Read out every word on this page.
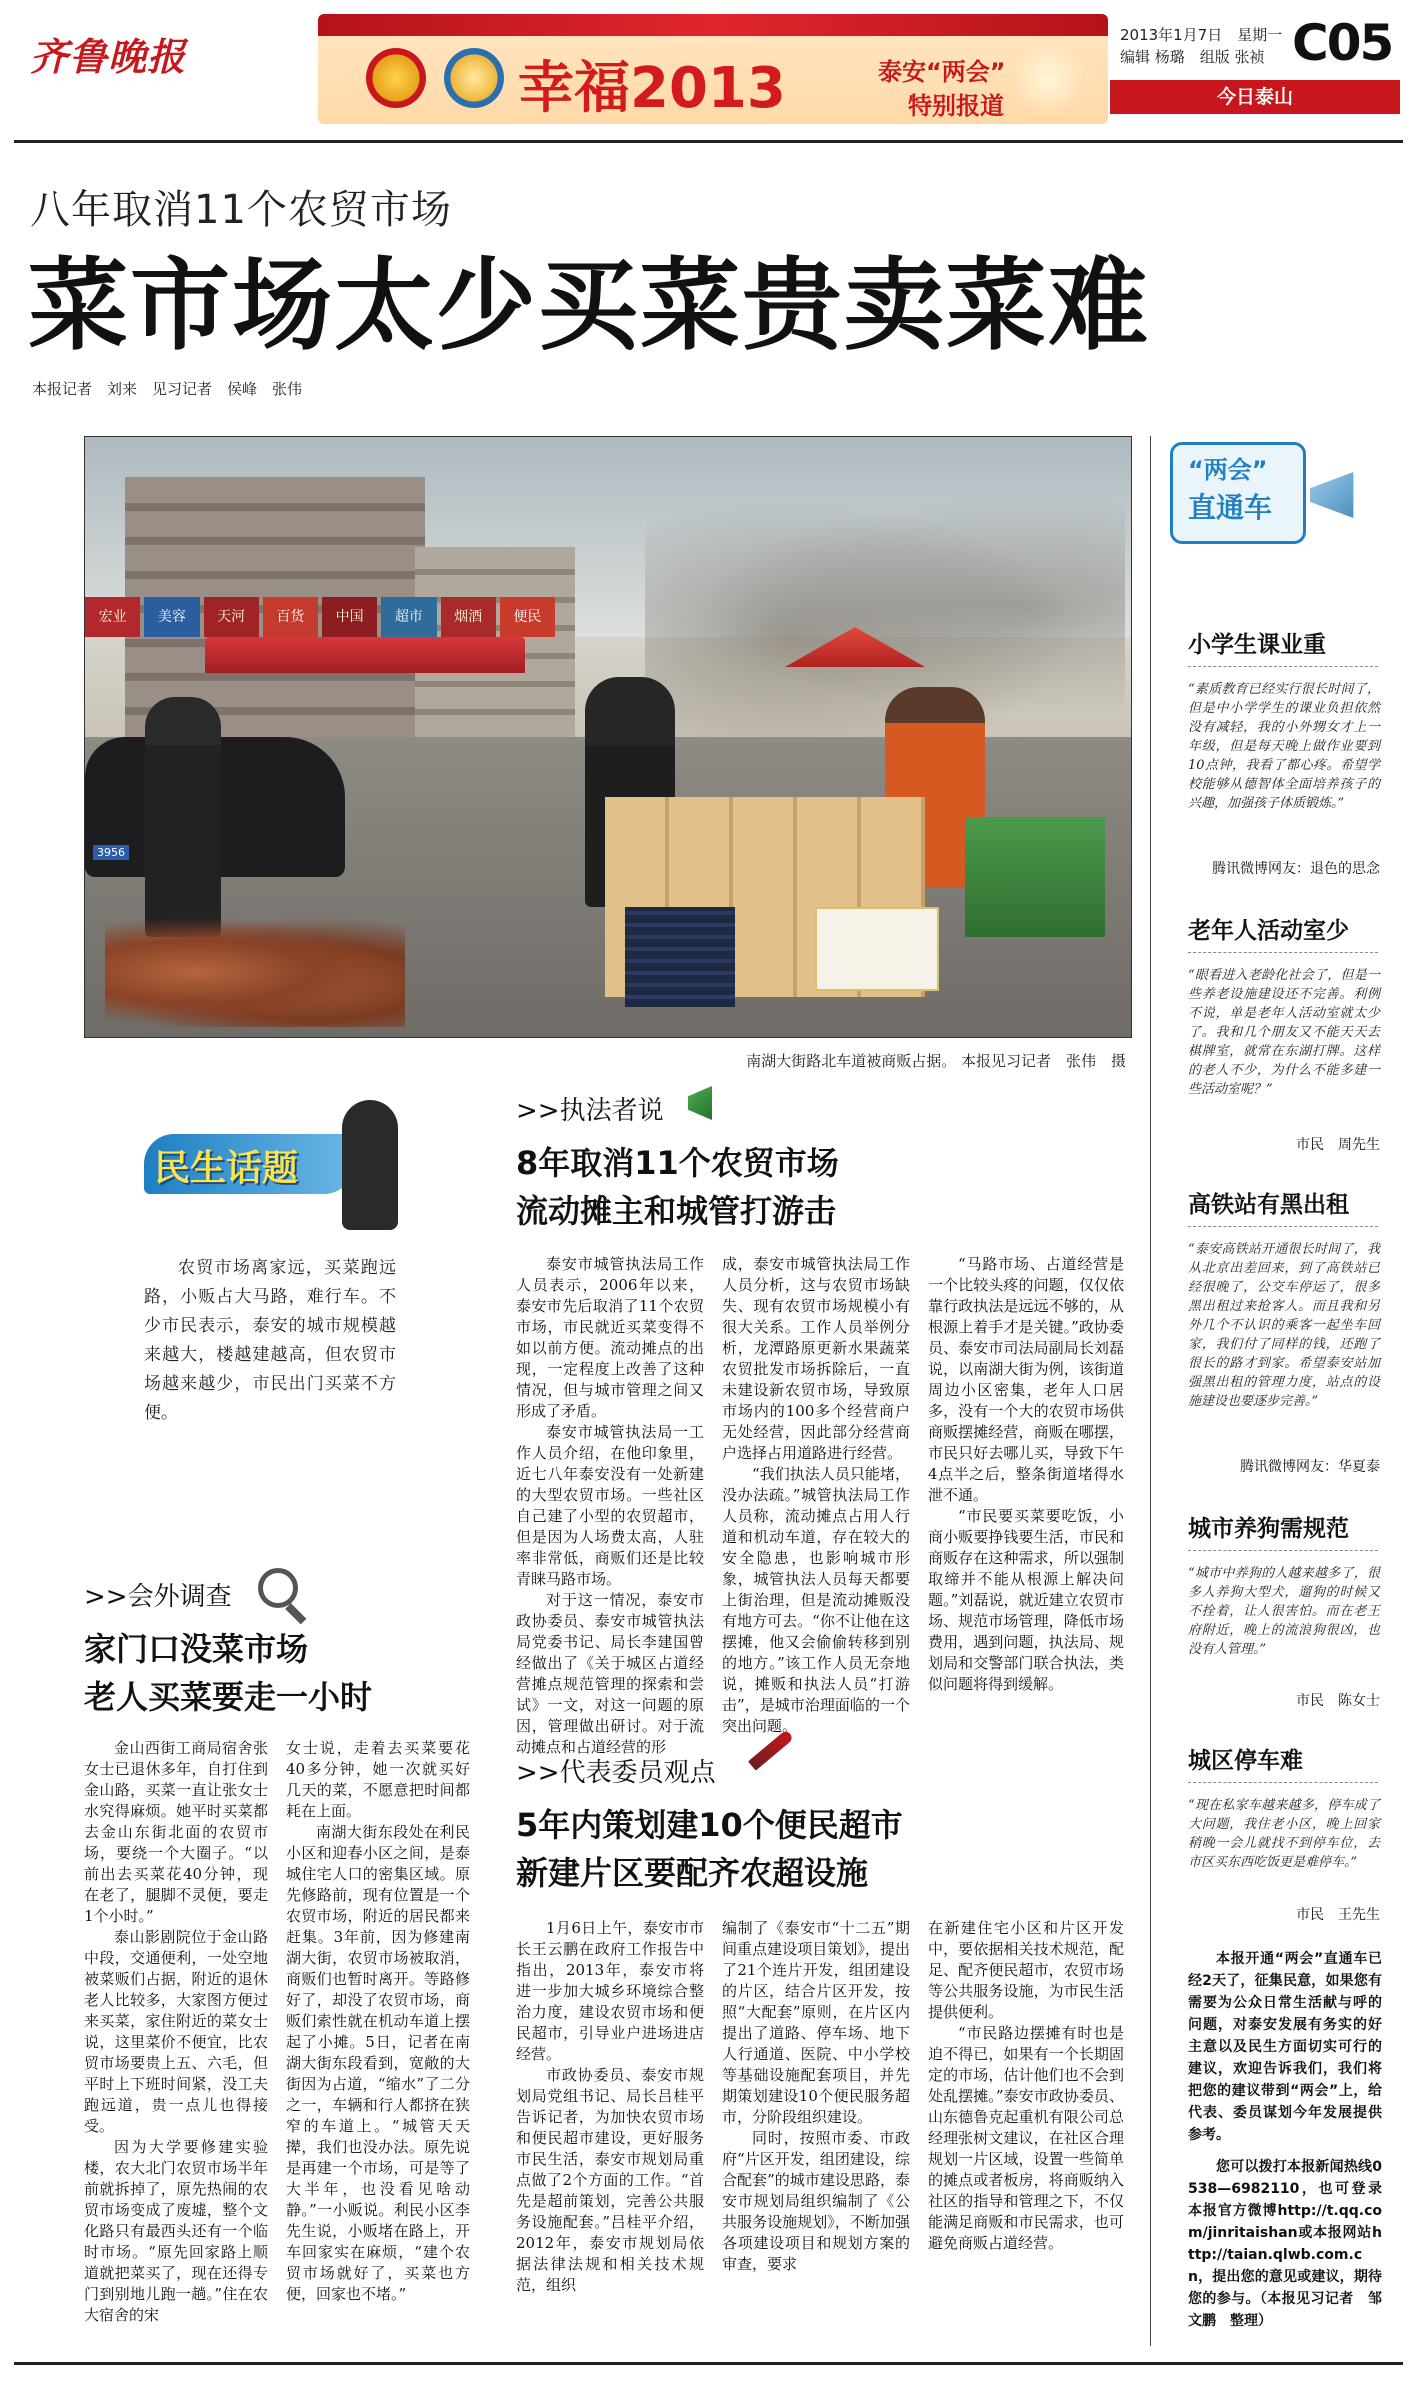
齐鲁晚报	幸福2013	泰安“两会”
特别报道
2013年1月7日　星期一
编辑 杨璐　组版 张祯 C05
今日泰山
八年取消11个农贸市场
菜市场太少买菜贵卖菜难
本报记者　刘来　见习记者　侯峰　张伟
宏业	美容	天河	百货	中国	超市	烟酒	便民
3956
南湖大街路北车道被商贩占据。 本报见习记者　张伟　摄
民生话题
农贸市场离家远，买菜跑远路，小贩占大马路，难行车。不少市民表示，泰安的城市规模越来越大，楼越建越高，但农贸市场越来越少，市民出门买菜不方便。
>>会外调查
家门口没菜市场
老人买菜要走一小时

金山西街工商局宿舍张女士已退休多年，自打住到金山路，买菜一直让张女士水究得麻烦。她平时买菜都去金山东街北面的农贸市场，要绕一个大圈子。“以前出去买菜花40分钟，现在老了，腿脚不灵便，要走1个小时。”

泰山影剧院位于金山路中段，交通便利，一处空地被菜贩们占据，附近的退休老人比较多，大家图方便过来买菜，家住附近的菜女士说，这里菜价不便宜，比农贸市场要贵上五、六毛，但平时上下班时间紧，没工夫跑远道，贵一点儿也得接受。

因为大学要修建实验楼，农大北门农贸市场半年前就拆掉了，原先热闹的农贸市场变成了废墟，整个文化路只有最西头还有一个临时市场。“原先回家路上顺道就把菜买了，现在还得专门到别地儿跑一趟。”住在农大宿舍的宋

女士说，走着去买菜要花40多分钟，她一次就买好几天的菜，不愿意把时间都耗在上面。

南湖大街东段处在利民小区和迎春小区之间，是泰城住宅人口的密集区域。原先修路前，现有位置是一个农贸市场，附近的居民都来赶集。3年前，因为修建南湖大街，农贸市场被取消，商贩们也暂时离开。等路修好了，却没了农贸市场，商贩们索性就在机动车道上摆起了小摊。5日，记者在南湖大街东段看到，宽敞的大街因为占道，“缩水”了二分之一，车辆和行人都挤在狭窄的车道上。“城管天天撵，我们也没办法。原先说是再建一个市场，可是等了大半年，也没看见啥动静。”一小贩说。利民小区李先生说，小贩堵在路上，开车回家实在麻烦，“建个农贸市场就好了，买菜也方便，回家也不堵。”

>>执法者说
8年取消11个农贸市场
流动摊主和城管打游击

泰安市城管执法局工作人员表示，2006年以来，泰安市先后取消了11个农贸市场，市民就近买菜变得不如以前方便。流动摊点的出现，一定程度上改善了这种情况，但与城市管理之间又形成了矛盾。

泰安市城管执法局一工作人员介绍，在他印象里，近七八年泰安没有一处新建的大型农贸市场。一些社区自己建了小型的农贸超市，但是因为人场费太高，人驻率非常低，商贩们还是比较青睐马路市场。

对于这一情况，泰安市政协委员、泰安市城管执法局党委书记、局长李建国曾经做出了《关于城区占道经营摊点规范管理的探索和尝试》一文，对这一问题的原因，管理做出研讨。对于流动摊点和占道经营的形

成，泰安市城管执法局工作人员分析，这与农贸市场缺失、现有农贸市场规模小有很大关系。工作人员举例分析，龙潭路原更新水果蔬菜农贸批发市场拆除后，一直未建设新农贸市场，导致原市场内的100多个经营商户无处经营，因此部分经营商户选择占用道路进行经营。

“我们执法人员只能堵，没办法疏。”城管执法局工作人员称，流动摊点占用人行道和机动车道，存在较大的安全隐患，也影响城市形象，城管执法人员每天都要上街治理，但是流动摊贩没有地方可去。“你不让他在这摆摊，他又会偷偷转移到别的地方。”该工作人员无奈地说，摊贩和执法人员“打游击”，是城市治理面临的一个突出问题。

“马路市场、占道经营是一个比较头疼的问题，仅仅依靠行政执法是远远不够的，从根源上着手才是关键。”政协委员、泰安市司法局副局长刘磊说，以南湖大街为例，该街道周边小区密集，老年人口居多，没有一个大的农贸市场供商贩摆摊经营，商贩在哪摆，市民只好去哪儿买，导致下午4点半之后，整条街道堵得水泄不通。

“市民要买菜要吃饭，小商小贩要挣钱要生活，市民和商贩存在这种需求，所以强制取缔并不能从根源上解决问题。”刘磊说，就近建立农贸市场、规范市场管理，降低市场费用，遇到问题，执法局、规划局和交警部门联合执法，类似问题将得到缓解。

>>代表委员观点
5年内策划建10个便民超市
新建片区要配齐农超设施

1月6日上午，泰安市市长王云鹏在政府工作报告中指出，2013年，泰安市将进一步加大城乡环境综合整治力度，建设农贸市场和便民超市，引导业户进场进店经营。

市政协委员、泰安市规划局党组书记、局长吕桂平告诉记者，为加快农贸市场和便民超市建设，更好服务市民生活，泰安市规划局重点做了2个方面的工作。“首先是超前策划，完善公共服务设施配套。”吕桂平介绍，2012年，泰安市规划局依据法律法规和相关技术规范，组织

编制了《泰安市“十二五”期间重点建设项目策划》，提出了21个连片开发，组团建设的片区，结合片区开发，按照“大配套”原则，在片区内提出了道路、停车场、地下人行通道、医院、中小学校等基础设施配套项目，并先期策划建设10个便民服务超市，分阶段组织建设。

同时，按照市委、市政府“片区开发，组团建设，综合配套”的城市建设思路，泰安市规划局组织编制了《公共服务设施规划》，不断加强各项建设项目和规划方案的审查，要求

在新建住宅小区和片区开发中，要依据相关技术规范，配足、配齐便民超市，农贸市场等公共服务设施，为市民生活提供便利。

“市民路边摆摊有时也是迫不得已，如果有一个长期固定的市场，估计他们也不会到处乱摆摊。”泰安市政协委员、山东德鲁克起重机有限公司总经理张树文建议，在社区合理规划一片区域，设置一些简单的摊点或者板房，将商贩纳入社区的指导和管理之下，不仅能满足商贩和市民需求，也可避免商贩占道经营。

“两会”
直通车
小学生课业重

“素质教育已经实行很长时间了，但是中小学学生的课业负担依然没有减轻，我的小外甥女才上一年级，但是每天晚上做作业要到10点钟，我看了都心疼。希望学校能够从德智体全面培养孩子的兴趣，加强孩子体质锻炼。”

腾讯微博网友：退色的思念

老年人活动室少

“眼看进入老龄化社会了，但是一些养老设施建设还不完善。利例不说，单是老年人活动室就太少了。我和几个朋友又不能天天去棋牌室，就常在东湖打牌。这样的老人不少，为什么不能多建一些活动室呢？”

市民　周先生

高铁站有黑出租

“泰安高铁站开通很长时间了，我从北京出差回来，到了高铁站已经很晚了，公交车停运了，很多黑出租过来抢客人。而且我和另外几个不认识的乘客一起坐车回家，我们付了同样的钱，还跑了很长的路才到家。希望泰安站加强黑出租的管理力度，站点的设施建设也要逐步完善。”

腾讯微博网友：华夏泰

城市养狗需规范

“城市中养狗的人越来越多了，很多人养狗大型犬，遛狗的时候又不拴着，让人很害怕。而在老王府附近，晚上的流浪狗很凶，也没有人管理。”

市民　陈女士

城区停车难

“现在私家车越来越多，停车成了大问题，我住老小区，晚上回家稍晚一会儿就找不到停车位，去市区买东西吃饭更是难停车。”

市民　王先生

本报开通“两会”直通车已经2天了，征集民意，如果您有需要为公众日常生活献与呼的问题，对泰安发展有务实的好主意以及民生方面切实可行的建议，欢迎告诉我们，我们将把您的建议带到“两会”上，给代表、委员谋划今年发展提供参考。

您可以拨打本报新闻热线0538—6982110，也可登录本报官方微博http://t.qq.com/jinritaishan或本报网站http://taian.qlwb.com.cn，提出您的意见或建议，期待您的参与。（本报见习记者　邹文鹏　整理）
